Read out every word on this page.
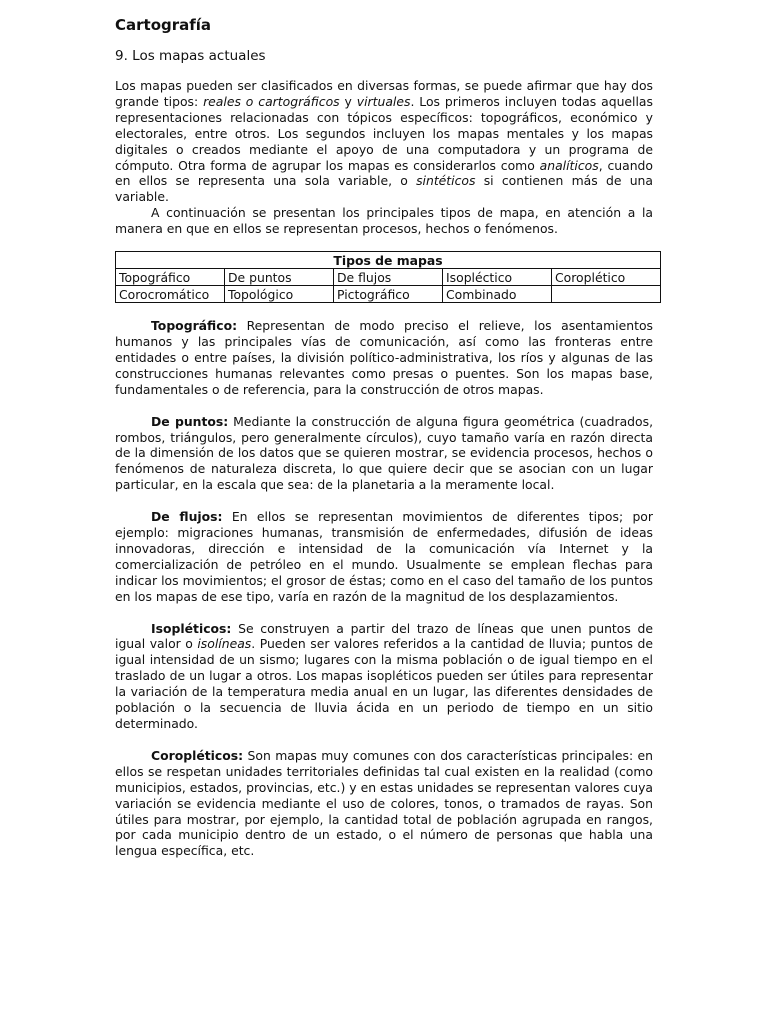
Cartografía
9. Los mapas actuales

Los mapas pueden ser clasificados en diversas formas, se puede afirmar que hay dos grande tipos: reales o cartográficos y virtuales. Los primeros incluyen todas aquellas representaciones relacionadas con tópicos específicos: topográficos, económico y electorales, entre otros. Los segundos incluyen los mapas mentales y los mapas digitales o creados mediante el apoyo de una computadora y un programa de cómputo. Otra forma de agrupar los mapas es considerarlos como analíticos, cuando en ellos se representa una sola variable, o sintéticos si contienen más de una variable.

A continuación se presentan los principales tipos de mapa, en atención a la manera en que en ellos se representan procesos, hechos o fenómenos.

Tipos de mapas				
Topográfico	De puntos	De flujos	Isopléctico	Coroplético
Corocromático	Topológico	Pictográfico	Combinado	

Topográfico: Representan de modo preciso el relieve, los asentamientos humanos y las principales vías de comunicación, así como las fronteras entre entidades o entre países, la división político-administrativa, los ríos y algunas de las construcciones humanas relevantes como presas o puentes. Son los mapas base, fundamentales o de referencia, para la construcción de otros mapas.

De puntos: Mediante la construcción de alguna figura geométrica (cuadrados, rombos, triángulos, pero generalmente círculos), cuyo tamaño varía en razón directa de la dimensión de los datos que se quieren mostrar, se evidencia procesos, hechos o fenómenos de naturaleza discreta, lo que quiere decir que se asocian con un lugar particular, en la escala que sea: de la planetaria a la meramente local.

De flujos: En ellos se representan movimientos de diferentes tipos; por ejemplo: migraciones humanas, transmisión de enfermedades, difusión de ideas innovadoras, dirección e intensidad de la comunicación vía Internet y la comercialización de petróleo en el mundo. Usualmente se emplean flechas para indicar los movimientos; el grosor de éstas; como en el caso del tamaño de los puntos en los mapas de ese tipo, varía en razón de la magnitud de los desplazamientos.

Isopléticos: Se construyen a partir del trazo de líneas que unen puntos de igual valor o isolíneas. Pueden ser valores referidos a la cantidad de lluvia; puntos de igual intensidad de un sismo; lugares con la misma población o de igual tiempo en el traslado de un lugar a otros. Los mapas isopléticos pueden ser útiles para representar la variación de la temperatura media anual en un lugar, las diferentes densidades de población o la secuencia de lluvia ácida en un periodo de tiempo en un sitio determinado.

Coropléticos: Son mapas muy comunes con dos características principales: en ellos se respetan unidades territoriales definidas tal cual existen en la realidad (como municipios, estados, provincias, etc.) y en estas unidades se representan valores cuya variación se evidencia mediante el uso de colores, tonos, o tramados de rayas. Son útiles para mostrar, por ejemplo, la cantidad total de población agrupada en rangos, por cada municipio dentro de un estado, o el número de personas que habla una lengua específica, etc.
